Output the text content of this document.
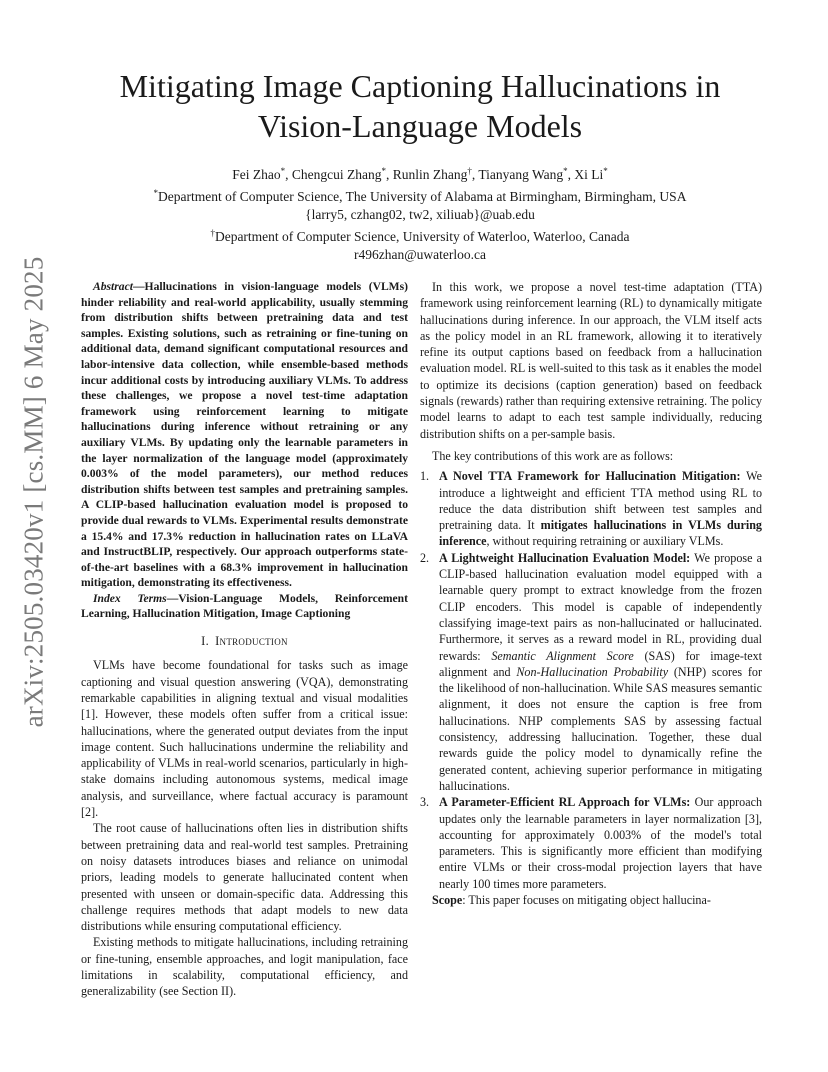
arXiv:2505.03420v1 [cs.MM] 6 May 2025
Mitigating Image Captioning Hallucinations in
Vision-Language Models
Fei Zhao*, Chengcui Zhang*, Runlin Zhang†, Tianyang Wang*, Xi Li*
*Department of Computer Science, The University of Alabama at Birmingham, Birmingham, USA
{larry5, czhang02, tw2, xiliuab}@uab.edu
†Department of Computer Science, University of Waterloo, Waterloo, Canada
r496zhan@uwaterloo.ca

Abstract—Hallucinations in vision-language models (VLMs) hinder reliability and real-world applicability, usually stemming from distribution shifts between pretraining data and test samples. Existing solutions, such as retraining or fine-tuning on additional data, demand significant computational resources and labor-intensive data collection, while ensemble-based methods incur additional costs by introducing auxiliary VLMs. To address these challenges, we propose a novel test-time adaptation framework using reinforcement learning to mitigate hallucinations during inference without retraining or any auxiliary VLMs. By updating only the learnable parameters in the layer normalization of the language model (approximately 0.003% of the model parameters), our method reduces distribution shifts between test samples and pretraining samples. A CLIP-based hallucination evaluation model is proposed to provide dual rewards to VLMs. Experimental results demonstrate a 15.4% and 17.3% reduction in hallucination rates on LLaVA and InstructBLIP, respectively. Our approach outperforms state-of-the-art baselines with a 68.3% improvement in hallucination mitigation, demonstrating its effectiveness.

Index Terms—Vision-Language Models, Reinforcement Learning, Hallucination Mitigation, Image Captioning

I. Introduction

VLMs have become foundational for tasks such as image captioning and visual question answering (VQA), demonstrating remarkable capabilities in aligning textual and visual modalities [1]. However, these models often suffer from a critical issue: hallucinations, where the generated output deviates from the input image content. Such hallucinations undermine the reliability and applicability of VLMs in real-world scenarios, particularly in high-stake domains including autonomous systems, medical image analysis, and surveillance, where factual accuracy is paramount [2].

The root cause of hallucinations often lies in distribution shifts between pretraining data and real-world test samples. Pretraining on noisy datasets introduces biases and reliance on unimodal priors, leading models to generate hallucinated content when presented with unseen or domain-specific data. Addressing this challenge requires methods that adapt models to new data distributions while ensuring computational efficiency.

Existing methods to mitigate hallucinations, including retraining or fine-tuning, ensemble approaches, and logit manipulation, face limitations in scalability, computational efficiency, and generalizability (see Section II).

In this work, we propose a novel test-time adaptation (TTA) framework using reinforcement learning (RL) to dynamically mitigate hallucinations during inference. In our approach, the VLM itself acts as the policy model in an RL framework, allowing it to iteratively refine its output captions based on feedback from a hallucination evaluation model. RL is well-suited to this task as it enables the model to optimize its decisions (caption generation) based on feedback signals (rewards) rather than requiring extensive retraining. The policy model learns to adapt to each test sample individually, reducing distribution shifts on a per-sample basis.

The key contributions of this work are as follows:

1. A Novel TTA Framework for Hallucination Mitigation: We introduce a lightweight and efficient TTA method using RL to reduce the data distribution shift between test samples and pretraining data. It mitigates hallucinations in VLMs during inference, without requiring retraining or auxiliary VLMs.
2. A Lightweight Hallucination Evaluation Model: We propose a CLIP-based hallucination evaluation model equipped with a learnable query prompt to extract knowledge from the frozen CLIP encoders. This model is capable of independently classifying image-text pairs as non-hallucinated or hallucinated. Furthermore, it serves as a reward model in RL, providing dual rewards: Semantic Alignment Score (SAS) for image-text alignment and Non-Hallucination Probability (NHP) scores for the likelihood of non-hallucination. While SAS measures semantic alignment, it does not ensure the caption is free from hallucinations. NHP complements SAS by assessing factual consistency, addressing hallucination. Together, these dual rewards guide the policy model to dynamically refine the generated content, achieving superior performance in mitigating hallucinations.
3. A Parameter-Efficient RL Approach for VLMs: Our approach updates only the learnable parameters in layer normalization [3], accounting for approximately 0.003% of the model's total parameters. This is significantly more efficient than modifying entire VLMs or their cross-modal projection layers that have nearly 100 times more parameters.

Scope: This paper focuses on mitigating object hallucina-
